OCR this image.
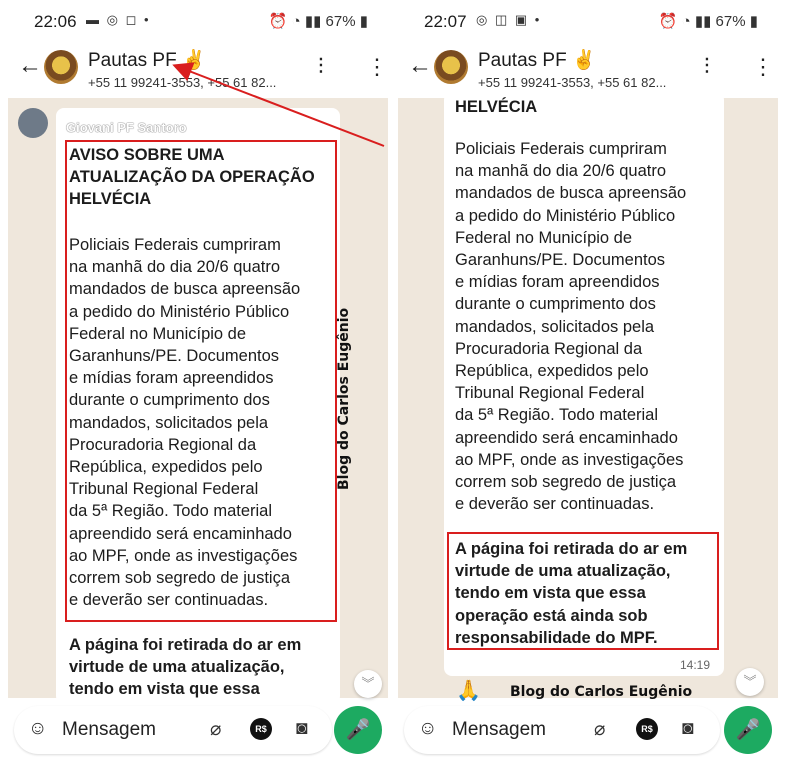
22:06 ▬ ◎ ◻ •	⏰ ◔ ▮▮ 67% ▮
← Pautas PF ✌
+55 11 99241-3553, +55 61 82...
⫶ ⋮
Giovani PF Santoro
AVISO SOBRE UMA ATUALIZAÇÃO DA OPERAÇÃO HELVÉCIA
Policiais Federais cumpriram
na manhã do dia 20/6 quatro
mandados de busca apreensão
a pedido do Ministério Público
Federal no Município de
Garanhuns/PE. Documentos
e mídias foram apreendidos
durante o cumprimento dos
mandados, solicitados pela
Procuradoria Regional da
República, expedidos pelo
Tribunal Regional Federal
da 5ª Região. Todo material
apreendido será encaminhado
ao MPF, onde as investigações
correm sob segredo de justiça
e deverão ser continuadas.
A página foi retirada do ar em
virtude de uma atualização,
tendo em vista que essa	︾
Blog do Carlos Eugênio
☺
Mensagem	⌀	R$ ◙	🎤
22:07 ◎ ◫ ▣ •	⏰ ◔ ▮▮ 67% ▮
← Pautas PF ✌
+55 11 99241-3553, +55 61 82...
⫶ ⋮
HELVÉCIA
Policiais Federais cumpriram
na manhã do dia 20/6 quatro
mandados de busca apreensão
a pedido do Ministério Público
Federal no Município de
Garanhuns/PE. Documentos
e mídias foram apreendidos
durante o cumprimento dos
mandados, solicitados pela
Procuradoria Regional da
República, expedidos pelo
Tribunal Regional Federal
da 5ª Região. Todo material
apreendido será encaminhado
ao MPF, onde as investigações
correm sob segredo de justiça
e deverão ser continuadas.
A página foi retirada do ar em
virtude de uma atualização,
tendo em vista que essa
operação está ainda sob
responsabilidade do MPF.
14:19
🙏 Blog do Carlos Eugênio
︾
☺
Mensagem	⌀	R$ ◙	🎤
